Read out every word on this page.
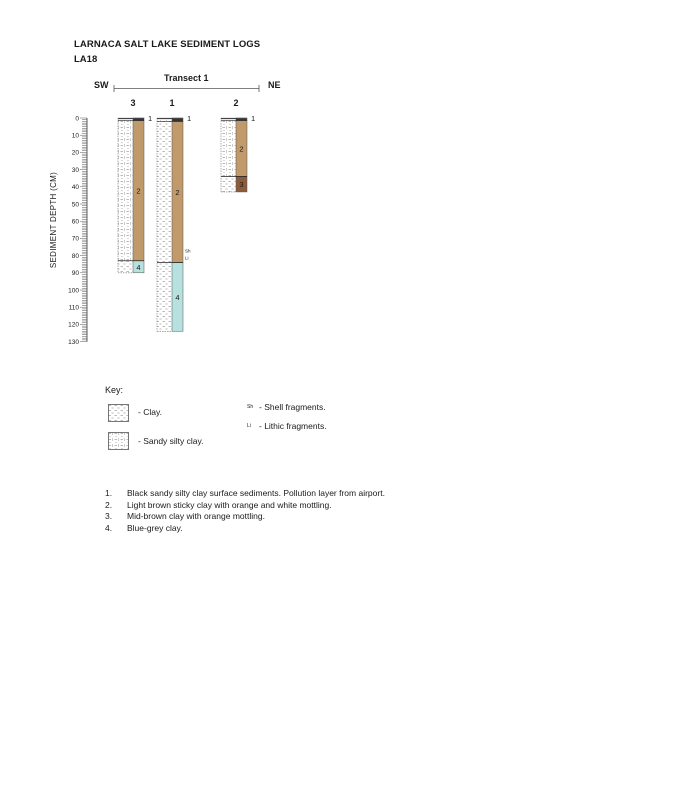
LARNACA SALT LAKE SEDIMENT LOGS
LA18
SW
Transect 1
NE
SEDIMENT DEPTH (CM)
0
10
20
30
40
50
60
70
80
90
100
110
120
130
3
1
2
4
1
1
2
4
Sh
Li
2
1
2
3
Key:
- Clay.
- Sandy silty clay.
Sh - Shell fragments.
Li - Lithic fragments.
1. Black sandy silty clay surface sediments. Pollution layer from airport.
2. Light brown sticky clay with orange and white mottling.
3. Mid-brown clay with orange mottling.
4. Blue-grey clay.
